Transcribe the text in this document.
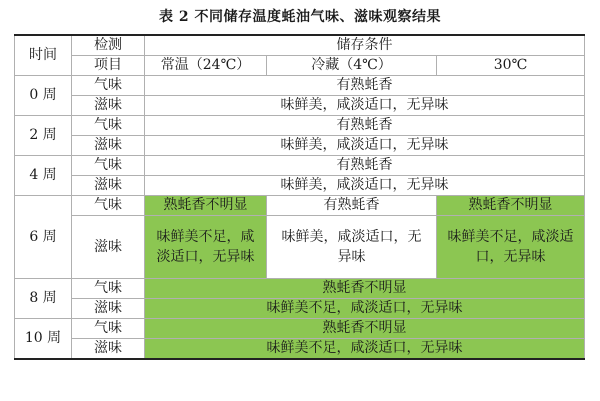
表 2 不同储存温度蚝油气味、滋味观察结果
时间	检测	储存条件		
	项目	常温（24℃）	冷藏（4℃）	30℃
0 周	气味	有熟蚝香		
	滋味	味鲜美，咸淡适口，无异味		
2 周	气味	有熟蚝香		
	滋味	味鲜美，咸淡适口，无异味		
4 周	气味	有熟蚝香		
	滋味	味鲜美，咸淡适口，无异味		
6 周	气味	熟蚝香不明显	有熟蚝香	熟蚝香不明显
	滋味	味鲜美不足，咸淡适口，无异味	味鲜美，咸淡适口，无异味	味鲜美不足，咸淡适口，无异味

8 周	气味	熟蚝香不明显		
	滋味	味鲜美不足，咸淡适口，无异味		
10 周	气味	熟蚝香不明显		
	滋味	味鲜美不足，咸淡适口，无异味		
